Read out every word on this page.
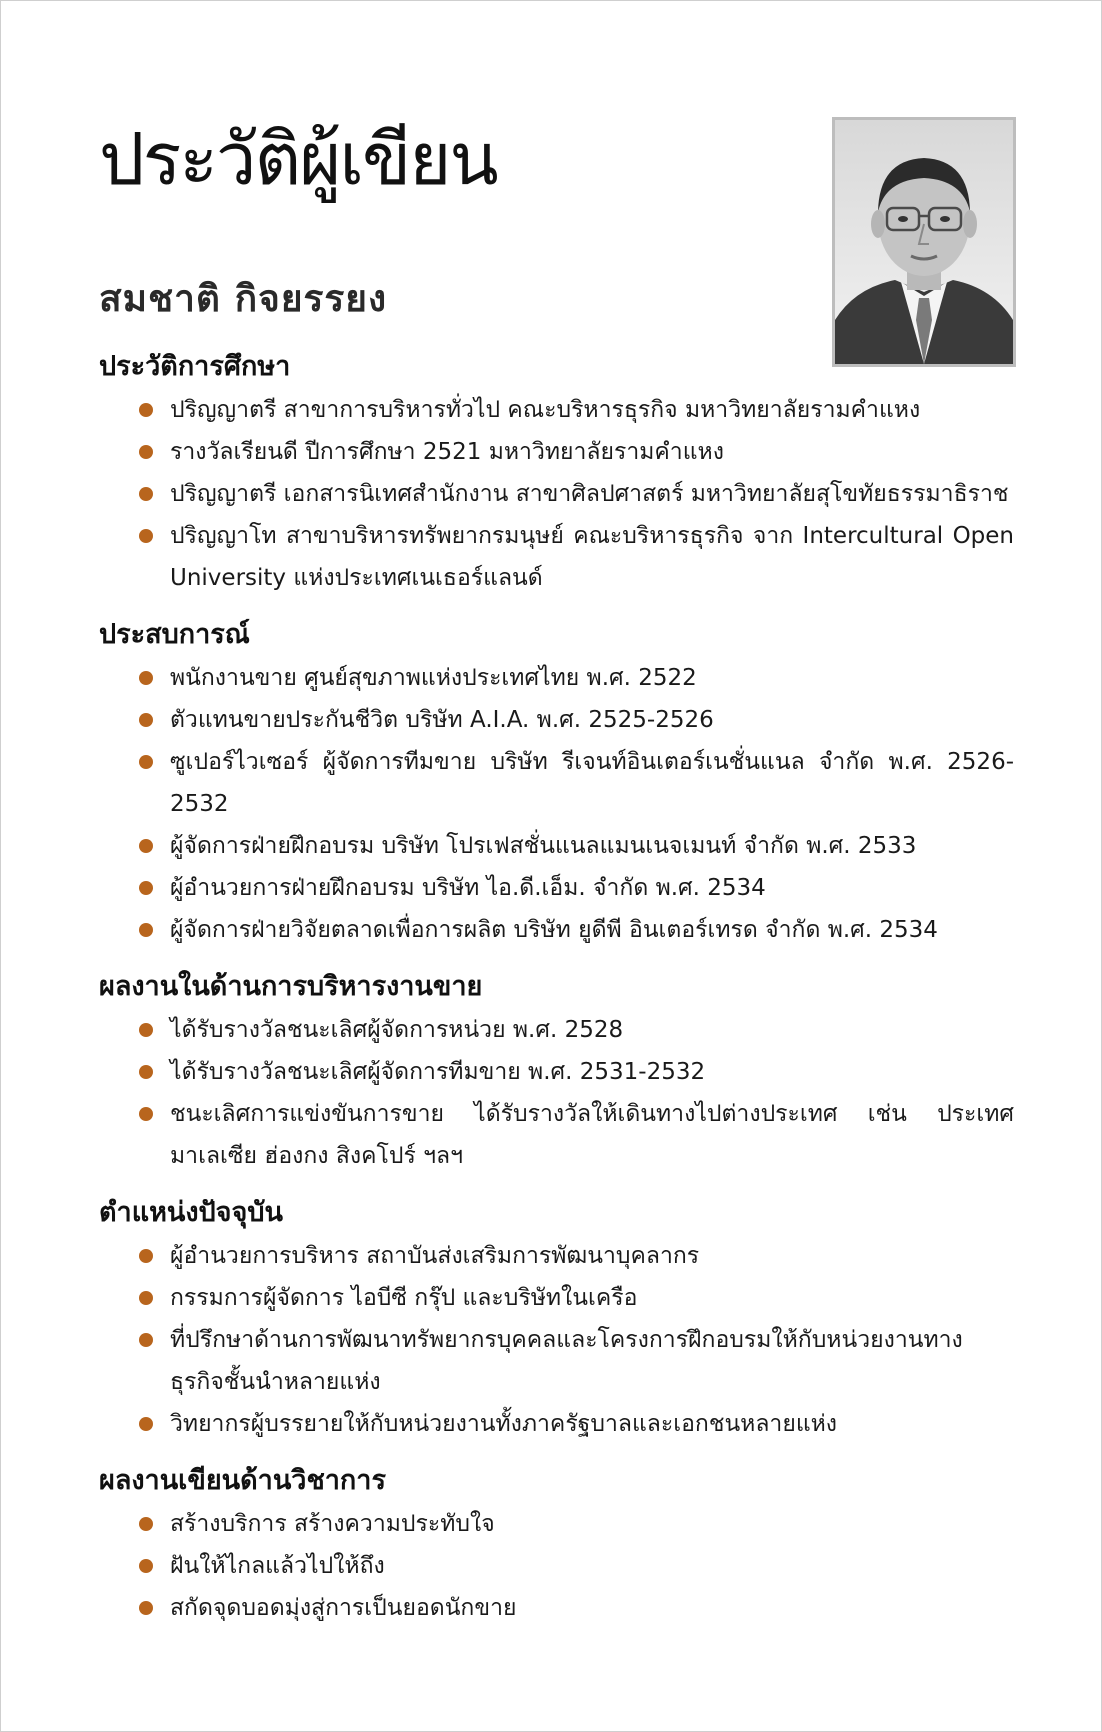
ประวัติผู้เขียน
สมชาติ กิจยรรยง
ประวัติการศึกษา
ปริญญาตรี สาขาการบริหารทั่วไป คณะบริหารธุรกิจ มหาวิทยาลัยรามคำแหง
รางวัลเรียนดี ปีการศึกษา 2521 มหาวิทยาลัยรามคำแหง
ปริญญาตรี เอกสารนิเทศสำนักงาน สาขาศิลปศาสตร์ มหาวิทยาลัยสุโขทัยธรรมาธิราช
ปริญญาโท สาขาบริหารทรัพยากรมนุษย์ คณะบริหารธุรกิจ จาก Intercultural Open University แห่งประเทศเนเธอร์แลนด์
ประสบการณ์
พนักงานขาย ศูนย์สุขภาพแห่งประเทศไทย พ.ศ. 2522
ตัวแทนขายประกันชีวิต บริษัท A.I.A. พ.ศ. 2525-2526
ซูเปอร์ไวเซอร์ ผู้จัดการทีมขาย บริษัท รีเจนท์อินเตอร์เนชั่นแนล จำกัด พ.ศ. 2526-2532
ผู้จัดการฝ่ายฝึกอบรม บริษัท โปรเฟสชั่นแนลแมนเนจเมนท์ จำกัด พ.ศ. 2533
ผู้อำนวยการฝ่ายฝึกอบรม บริษัท ไอ.ดี.เอ็ม. จำกัด พ.ศ. 2534
ผู้จัดการฝ่ายวิจัยตลาดเพื่อการผลิต บริษัท ยูดีพี อินเตอร์เทรด จำกัด พ.ศ. 2534
ผลงานในด้านการบริหารงานขาย
ได้รับรางวัลชนะเลิศผู้จัดการหน่วย พ.ศ. 2528
ได้รับรางวัลชนะเลิศผู้จัดการทีมขาย พ.ศ. 2531-2532
ชนะเลิศการแข่งขันการขาย ได้รับรางวัลให้เดินทางไปต่างประเทศ เช่น ประเทศมาเลเซีย ฮ่องกง สิงคโปร์ ฯลฯ
ตำแหน่งปัจจุบัน
ผู้อำนวยการบริหาร สถาบันส่งเสริมการพัฒนาบุคลากร
กรรมการผู้จัดการ ไอบีซี กรุ๊ป และบริษัทในเครือ
ที่ปรึกษาด้านการพัฒนาทรัพยากรบุคคลและโครงการฝึกอบรมให้กับหน่วยงานทางธุรกิจชั้นนำหลายแห่ง
วิทยากรผู้บรรยายให้กับหน่วยงานทั้งภาครัฐบาลและเอกชนหลายแห่ง
ผลงานเขียนด้านวิชาการ
สร้างบริการ สร้างความประทับใจ
ฝันให้ไกลแล้วไปให้ถึง
สกัดจุดบอดมุ่งสู่การเป็นยอดนักขาย
